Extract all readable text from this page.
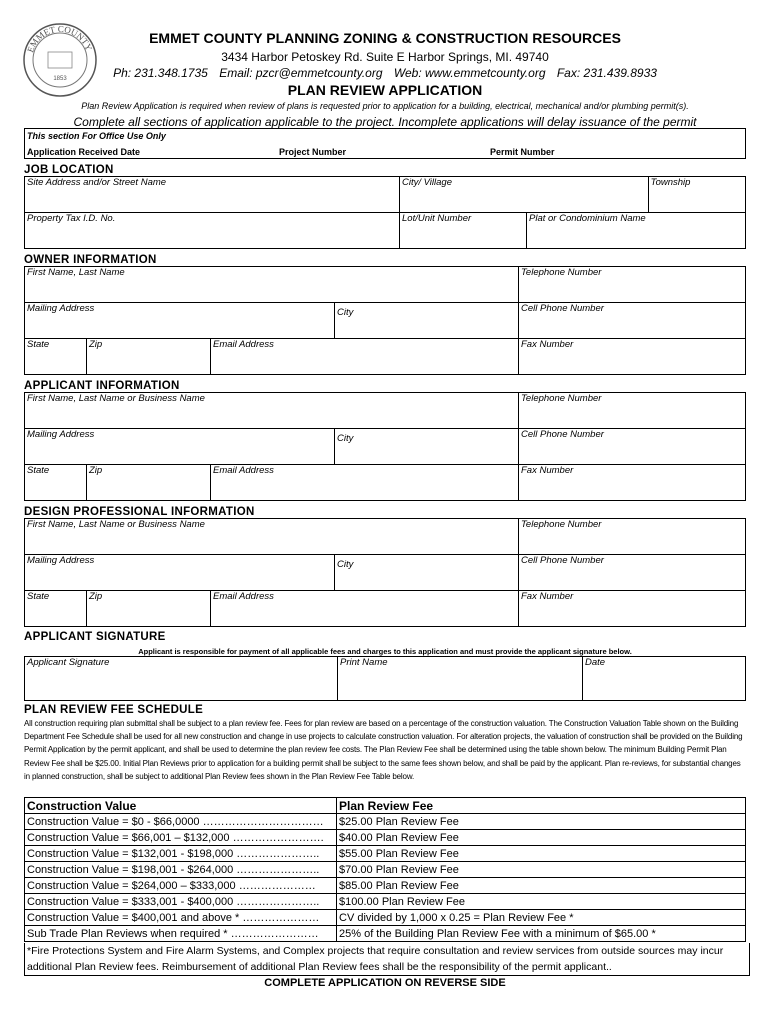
EMMET COUNTY
1853
EMMET COUNTY PLANNING ZONING & CONSTRUCTION RESOURCES
3434 Harbor Petoskey Rd. Suite E Harbor Springs, MI. 49740
Ph: 231.348.1735 Email: pzcr@emmetcounty.org Web: www.emmetcounty.org Fax: 231.439.8933
PLAN REVIEW APPLICATION
Plan Review Application is required when review of plans is requested prior to application for a building, electrical, mechanical and/or plumbing permit(s).
Complete all sections of application applicable to the project. Incomplete applications will delay issuance of the permit
This section For Office Use Only
Application Received Date	Project Number	Permit Number
JOB LOCATION
Site Address and/or Street Name	City/ Village		Township
Property Tax I.D. No.	Lot/Unit Number	Plat or Condominium Name	
OWNER INFORMATION
First Name, Last Name				Telephone Number
Mailing Address			City	Cell Phone Number
State	Zip	Email Address		Fax Number
APPLICANT INFORMATION
First Name, Last Name or Business Name				Telephone Number
Mailing Address			City	Cell Phone Number
State	Zip	Email Address		Fax Number
DESIGN PROFESSIONAL INFORMATION
First Name, Last Name or Business Name				Telephone Number
Mailing Address			City	Cell Phone Number
State	Zip	Email Address		Fax Number
APPLICANT SIGNATURE
Applicant is responsible for payment of all applicable fees and charges to this application and must provide the applicant signature below.
Applicant Signature	Print Name	Date
PLAN REVIEW FEE SCHEDULE
All construction requiring plan submittal shall be subject to a plan review fee. Fees for plan review are based on a percentage of the construction valuation. The Construction Valuation Table shown on the Building Department Fee Schedule shall be used for all new construction and change in use projects to calculate construction valuation. For alteration projects, the valuation of construction shall be provided on the Building Permit Application by the permit applicant, and shall be used to determine the plan review fee costs. The Plan Review Fee shall be determined using the table shown below. The minimum Building Permit Plan Review Fee shall be $25.00. Initial Plan Reviews prior to application for a building permit shall be subject to the same fees shown below, and shall be paid by the applicant. Plan re-reviews, for substantial changes in planned construction, shall be subject to additional Plan Review fees shown in the Plan Review Fee Table below.
Construction Value	Plan Review Fee
Construction Value = $0 - $66,0000 ……………………………	$25.00 Plan Review Fee
Construction Value = $66,001 – $132,000 …………………….	$40.00 Plan Review Fee
Construction Value = $132,001 - $198,000 …………………..	$55.00 Plan Review Fee
Construction Value = $198,001 - $264,000 …………………..	$70.00 Plan Review Fee
Construction Value = $264,000 – $333,000 …………………	$85.00 Plan Review Fee
Construction Value = $333,001 - $400,000 …………………..	$100.00 Plan Review Fee
Construction Value = $400,001 and above * …………………	CV divided by 1,000 x 0.25 = Plan Review Fee *
Sub Trade Plan Reviews when required * ……………………	25% of the Building Plan Review Fee with a minimum of $65.00 *
*Fire Protections System and Fire Alarm Systems, and Complex projects that require consultation and review services from outside sources may incur additional Plan Review fees. Reimbursement of additional Plan Review fees shall be the responsibility of the permit applicant..
COMPLETE APPLICATION ON REVERSE SIDE
